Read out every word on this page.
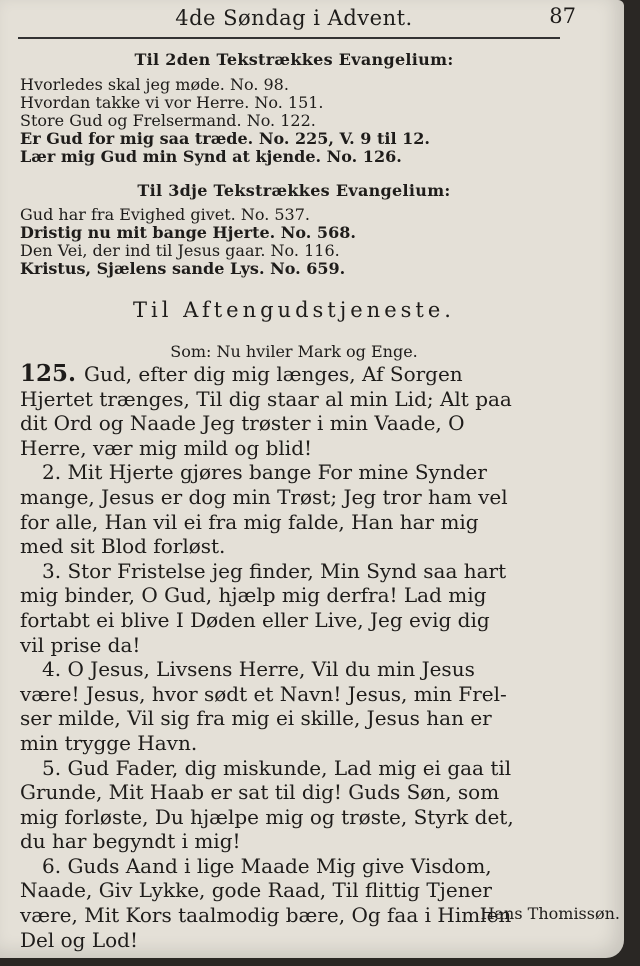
4de Søndag i Advent.	87
Til 2den Tekstrækkes Evangelium:
Hvorledes skal jeg møde. No. 98.
Hvordan takke vi vor Herre. No. 151.
Store Gud og Frelsermand. No. 122.
Er Gud for mig saa træde. No. 225, V. 9 til 12.
Lær mig Gud min Synd at kjende. No. 126.
Til 3dje Tekstrækkes Evangelium:
Gud har fra Evighed givet. No. 537.
Dristig nu mit bange Hjerte. No. 568.
Den Vei, der ind til Jesus gaar. No. 116.
Kristus, Sjælens sande Lys. No. 659.
Til Aftengudstjeneste.
Som: Nu hviler Mark og Enge.
125. Gud, efter dig mig længes, Af Sorgen
Hjertet trænges, Til dig staar al min Lid; Alt paa
dit Ord og Naade Jeg trøster i min Vaade, O
Herre, vær mig mild og blid!
2. Mit Hjerte gjøres bange For mine Synder
mange, Jesus er dog min Trøst; Jeg tror ham vel
for alle, Han vil ei fra mig falde, Han har mig
med sit Blod forløst.
3. Stor Fristelse jeg finder, Min Synd saa hart
mig binder, O Gud, hjælp mig derfra! Lad mig
fortabt ei blive I Døden eller Live, Jeg evig dig
vil prise da!
4. O Jesus, Livsens Herre, Vil du min Jesus
være! Jesus, hvor sødt et Navn! Jesus, min Frel-
ser milde, Vil sig fra mig ei skille, Jesus han er
min trygge Havn.
5. Gud Fader, dig miskunde, Lad mig ei gaa til
Grunde, Mit Haab er sat til dig! Guds Søn, som
mig forløste, Du hjælpe mig og trøste, Styrk det,
du har begyndt i mig!
6. Guds Aand i lige Maade Mig give Visdom,
Naade, Giv Lykke, gode Raad, Til flittig Tjener
være, Mit Kors taalmodig bære, Og faa i Himlen
Del og Lod!
Hans Thomissøn.
